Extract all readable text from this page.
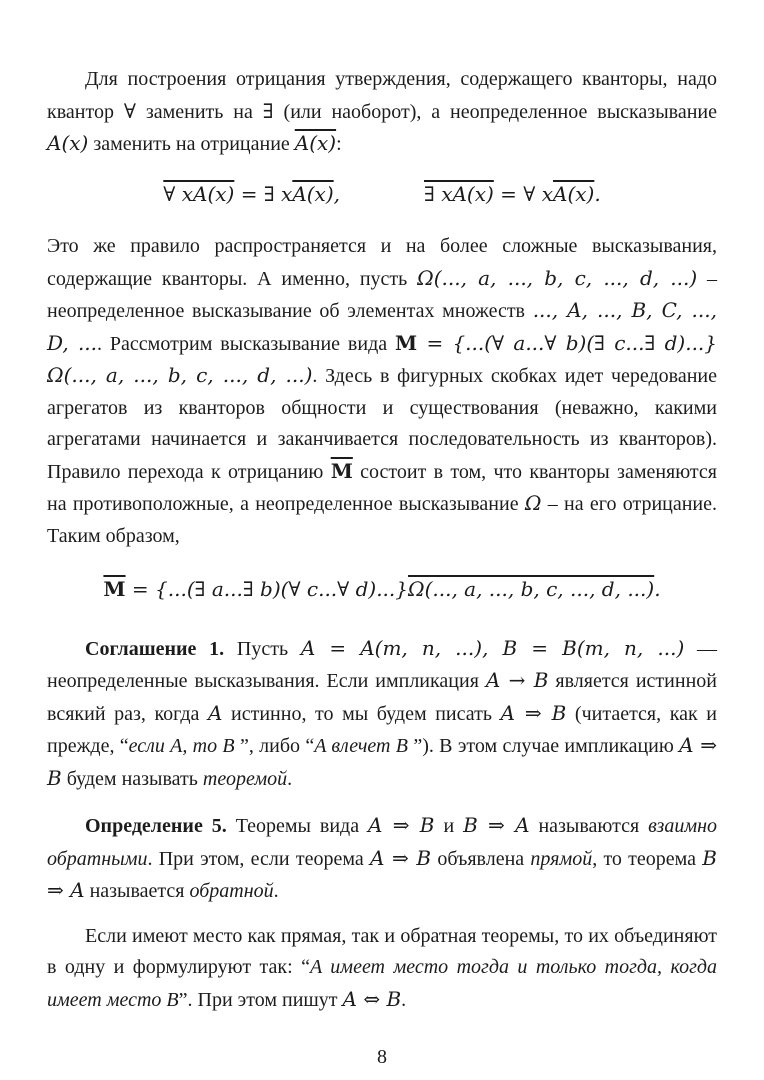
Для построения отрицания утверждения, содержащего кванторы, надо квантор ∀ заменить на ∃ (или наоборот), а неопределенное высказывание A(x) заменить на отрицание A(x):

∀ xA(x) = ∃ xA(x),	∃ xA(x) = ∀ xA(x).

Это же правило распространяется и на более сложные высказывания, содержащие кванторы. А именно, пусть Ω(..., a, ..., b, c, ..., d, ...) – неопределенное высказывание об элементах множеств ..., A, ..., B, C, ..., D, .... Рассмотрим высказывание вида M = {...(∀ a...∀ b)(∃ c...∃ d)...}Ω(..., a, ..., b, c, ..., d, ...). Здесь в фигурных скобках идет чередование агрегатов из кванторов общности и существования (неважно, какими агрегатами начинается и заканчивается последовательность из кванторов). Правило перехода к отрицанию $\overline{M}$ состоит в том, что кванторы заменяются на противоположные, а неопределенное высказывание Ω – на его отрицание. Таким образом,

$\overline{M}$ = {...(∃ a...∃ b)(∀ c...∀ d)...}Ω(..., a, ..., b, c, ..., d, ...).

Соглашение 1. Пусть A = A(m, n, ...), B = B(m, n, ...) — неопределенные высказывания. Если импликация A → B является истинной всякий раз, когда A истинно, то мы будем писать A ⇒ B (читается, как и прежде, “если A, то B ”, либо “A влечет B ”). В этом случае импликацию A ⇒ B будем называть теоремой.

Определение 5. Теоремы вида A ⇒ B и B ⇒ A называются взаимно обратными. При этом, если теорема A ⇒ B объявлена прямой, то теорема B ⇒ A называется обратной.

Если имеют место как прямая, так и обратная теоремы, то их объединяют в одну и формулируют так: “A имеет место тогда и только тогда, когда имеет место B”. При этом пишут A ⇔ B.

8
